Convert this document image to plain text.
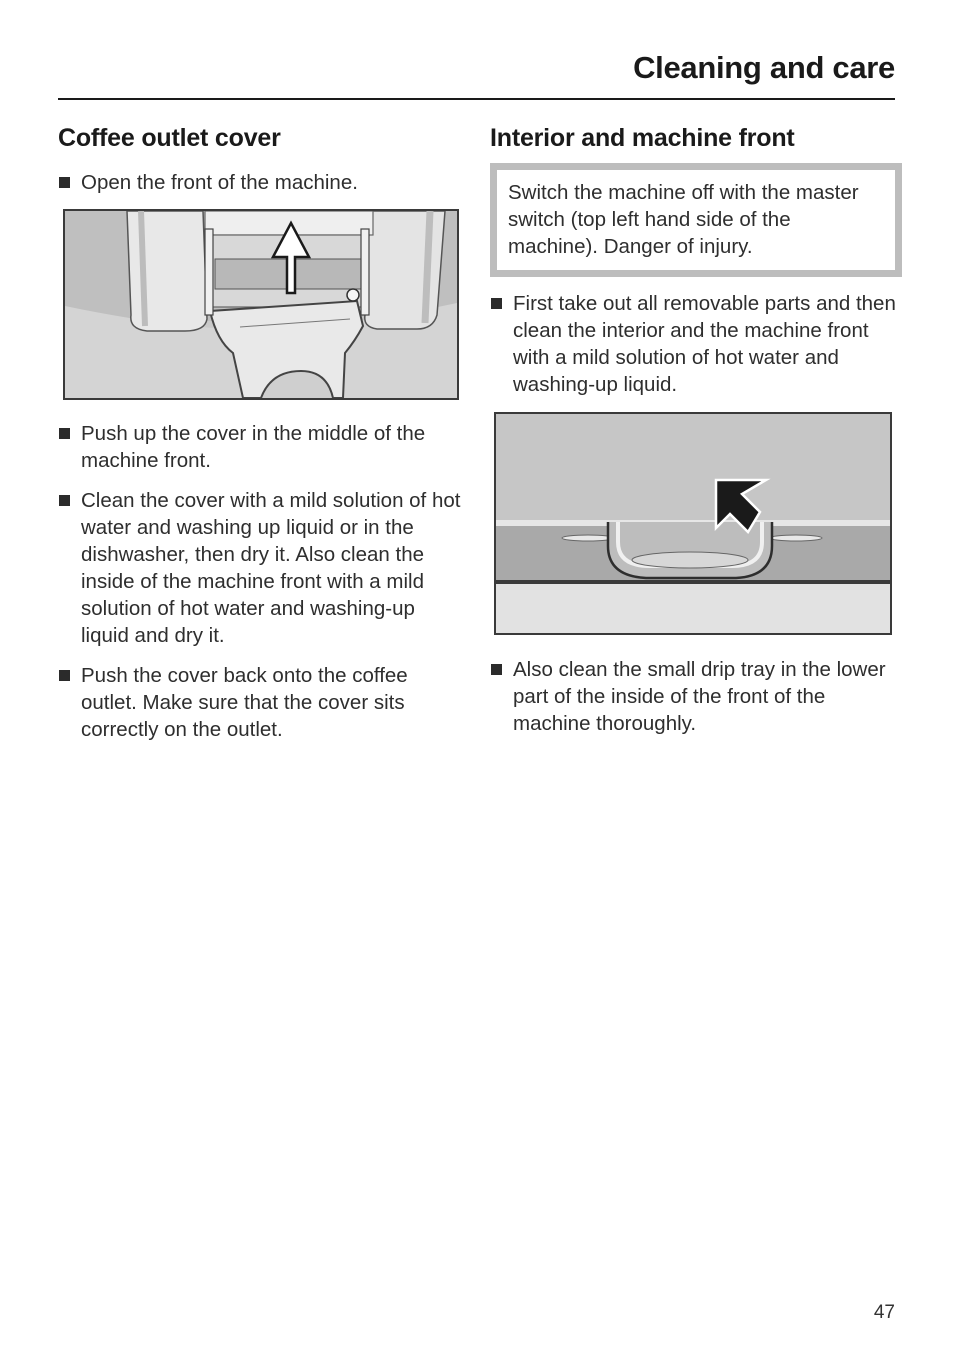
Cleaning and care
Coffee outlet cover
Open the front of the machine.
Push up the cover in the middle of the machine front.
Clean the cover with a mild solution of hot water and washing up liquid or in the dishwasher, then dry it. Also clean the inside of the machine front with a mild solution of hot water and washing-up liquid and dry it.
Push the cover back onto the coffee outlet. Make sure that the cover sits correctly on the outlet.
Interior and machine front
Switch the machine off with the master switch (top left hand side of the machine). Danger of injury.
First take out all removable parts and then clean the interior and the machine front with a mild solution of hot water and washing-up liquid.
Also clean the small drip tray in the lower part of the inside of the front of the machine thoroughly.
47
